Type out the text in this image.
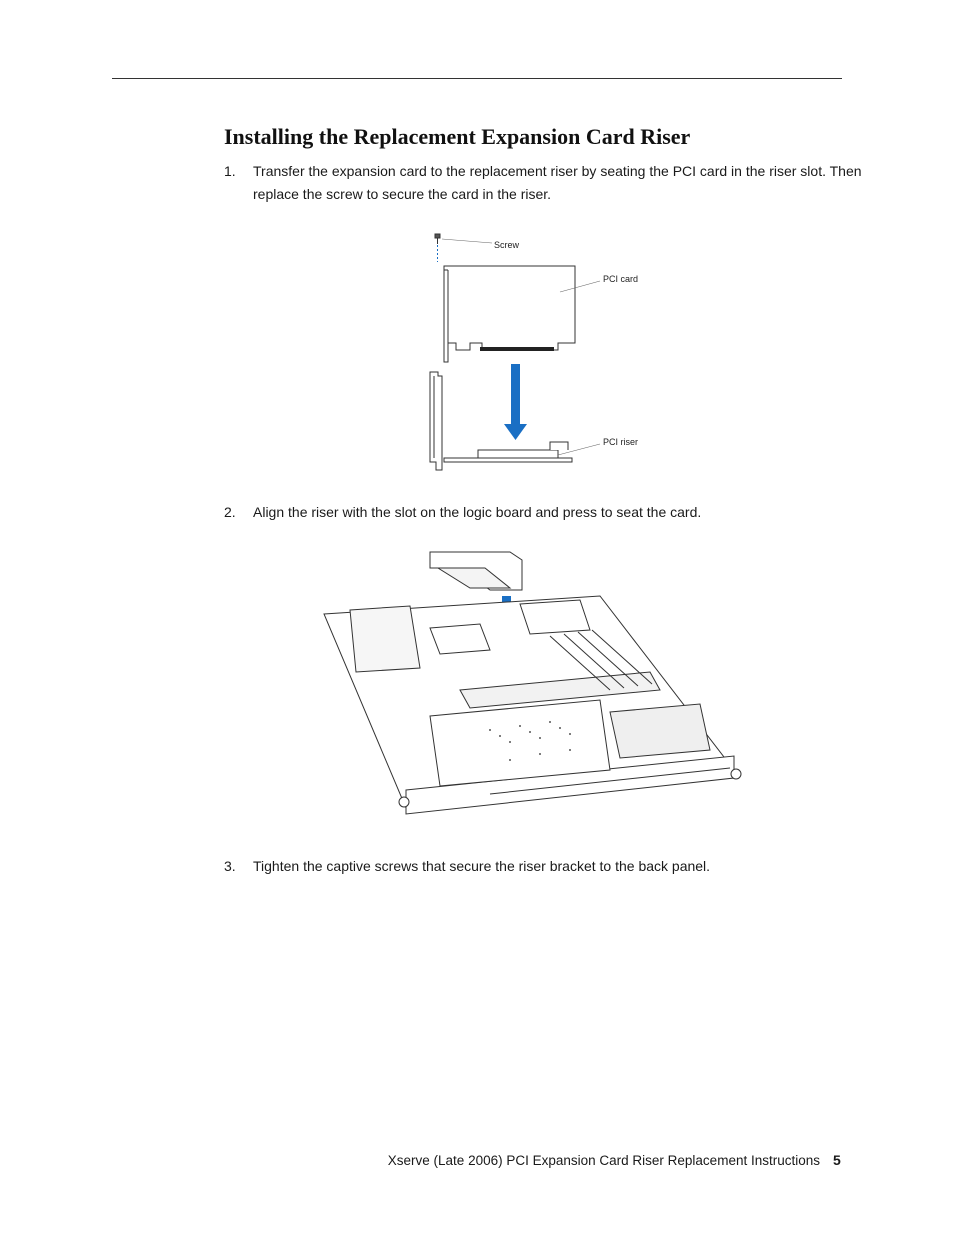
Installing the Replacement Expansion Card Riser
1. Transfer the expansion card to the replacement riser by seating the PCI card in the riser slot. Then replace the screw to secure the card in the riser.
Screw
PCI card
PCI riser
2. Align the riser with the slot on the logic board and press to seat the card.
3. Tighten the captive screws that secure the riser bracket to the back panel.
Xserve (Late 2006) PCI Expansion Card Riser Replacement Instructions 5
